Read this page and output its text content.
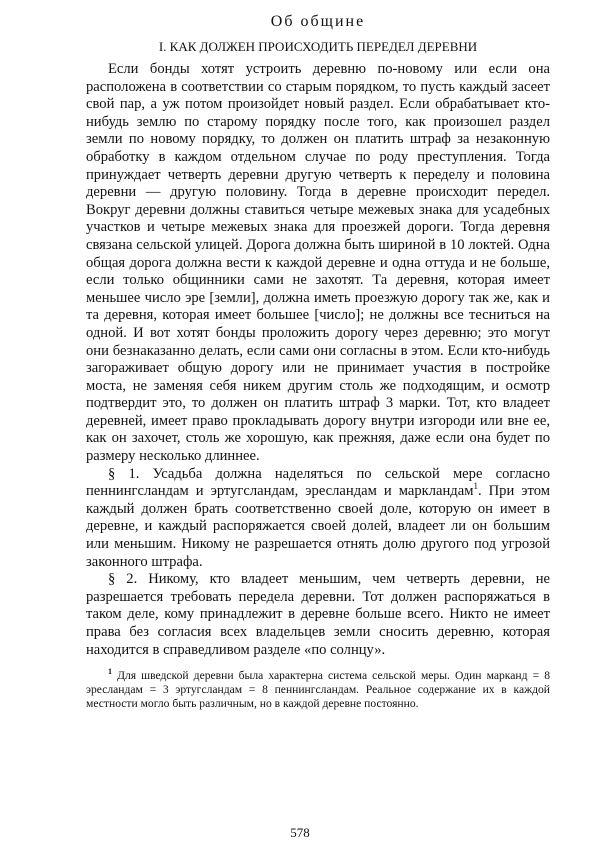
Об общине
I. КАК ДОЛЖЕН ПРОИСХОДИТЬ ПЕРЕДЕЛ ДЕРЕВНИ

Если бонды хотят устроить деревню по-новому или если она расположена в соответствии со старым порядком, то пусть каждый засеет свой пар, а уж потом произойдет новый раздел. Если обрабатывает кто-нибудь землю по старому порядку после того, как произошел раздел земли по новому порядку, то должен он платить штраф за незаконную обработку в каждом отдельном случае по роду преступления. Тогда принуждает четверть деревни другую четверть к переделу и половина деревни — другую половину. Тогда в деревне происходит передел. Вокруг деревни должны ставиться четыре межевых знака для усадебных участков и четыре межевых знака для проезжей дороги. Тогда деревня связана сельской улицей. Дорога должна быть шириной в 10 локтей. Одна общая дорога должна вести к каждой деревне и одна оттуда и не больше, если только общинники сами не захотят. Та деревня, которая имеет меньшее число эре [земли], должна иметь проезжую дорогу так же, как и та деревня, которая имеет большее [число]; не должны все тесниться на одной. И вот хотят бонды проложить дорогу через деревню; это могут они безнаказанно делать, если сами они согласны в этом. Если кто-нибудь загораживает общую дорогу или не принимает участия в постройке моста, не заменяя себя никем другим столь же подходящим, и осмотр подтвердит это, то должен он платить штраф 3 марки. Тот, кто владеет деревней, имеет право прокладывать дорогу внутри изгороди или вне ее, как он захочет, столь же хорошую, как прежняя, даже если она будет по размеру несколько длиннее.

§ 1. Усадьба должна наделяться по сельской мере согласно пеннингсландам и эртугсландам, эресландам и маркландам$^1$. При этом каждый должен брать соответственно своей доле, которую он имеет в деревне, и каждый распоряжается своей долей, владеет ли он большим или меньшим. Никому не разрешается отнять долю другого под угрозой законного штрафа.

§ 2. Никому, кто владеет меньшим, чем четверть деревни, не разрешается требовать передела деревни. Тот должен распоряжаться в таком деле, кому принадлежит в деревне больше всего. Никто не имеет права без согласия всех владельцев земли сносить деревню, которая находится в справедливом разделе «по солнцу».

$^1$ Для шведской деревни была характерна система сельской меры. Один марканд = 8 эресландам = 3 эртугсландам = 8 пеннингсландам. Реальное содержание их в каждой местности могло быть различным, но в каждой деревне постоянно.
578
